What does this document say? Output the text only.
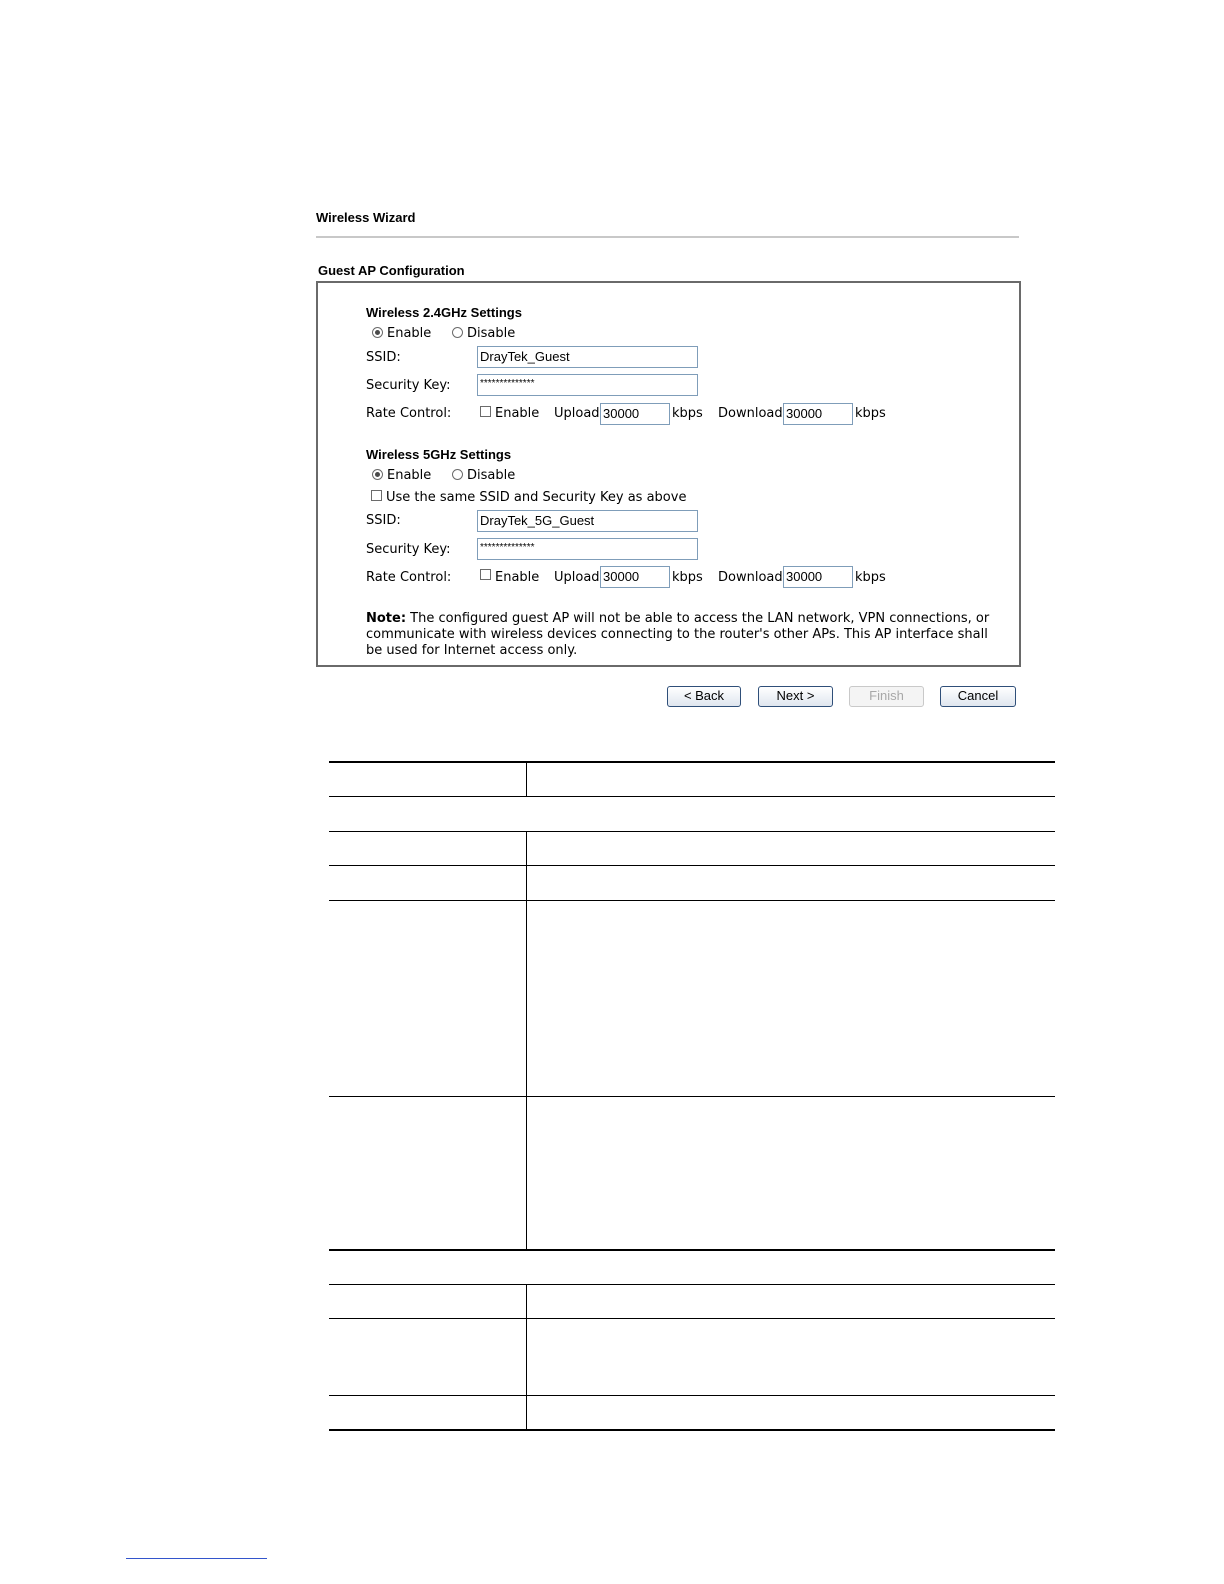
Wireless Wizard
Guest AP Configuration
Wireless 2.4GHz Settings
Enable	Disable
SSID:	DrayTek_Guest
Security Key:	**************
Rate Control:	Enable Upload 30000	kbps Download 30000	kbps
Wireless 5GHz Settings
Enable	Disable
Use the same SSID and Security Key as above
SSID:	DrayTek_5G_Guest
Security Key:	**************
Rate Control:	Enable Upload 30000	kbps Download 30000	kbps
Note: The configured guest AP will not be able to access the LAN network, VPN connections, or communicate with wireless devices connecting to the router's other APs. This AP interface shall be used for Internet access only.
< Back	Next >	Finish	Cancel
